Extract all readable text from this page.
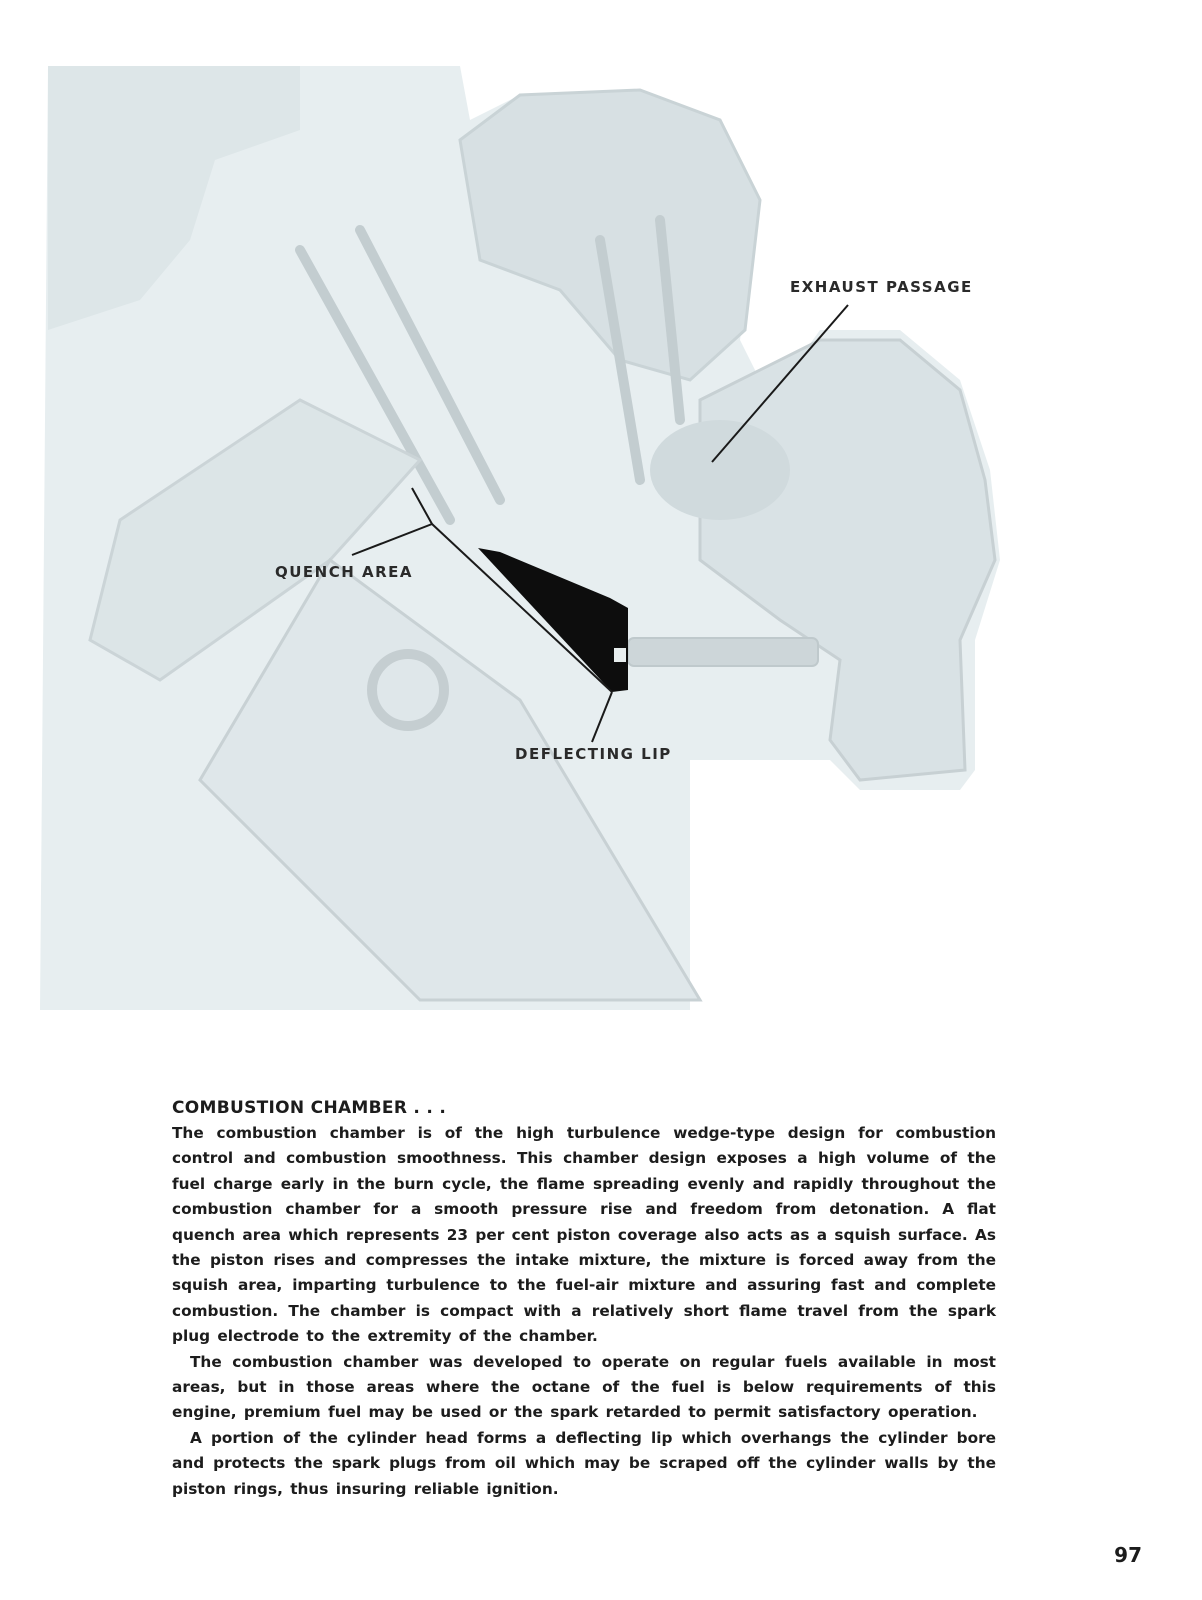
EXHAUST PASSAGE
QUENCH AREA
DEFLECTING LIP
COMBUSTION CHAMBER . . .

The combustion chamber is of the high turbulence wedge-type design for combustion control and combustion smoothness. This chamber design exposes a high volume of the fuel charge early in the burn cycle, the flame spreading evenly and rapidly throughout the combustion chamber for a smooth pressure rise and freedom from detonation. A flat quench area which represents 23 per cent piston coverage also acts as a squish surface. As the piston rises and compresses the intake mixture, the mixture is forced away from the squish area, imparting turbulence to the fuel-air mixture and assuring fast and complete combustion. The chamber is compact with a relatively short flame travel from the spark plug electrode to the extremity of the chamber.

The combustion chamber was developed to operate on regular fuels available in most areas, but in those areas where the octane of the fuel is below requirements of this engine, premium fuel may be used or the spark retarded to permit satisfactory operation.

A portion of the cylinder head forms a deflecting lip which overhangs the cylinder bore and protects the spark plugs from oil which may be scraped off the cylinder walls by the piston rings, thus insuring reliable ignition.

97
